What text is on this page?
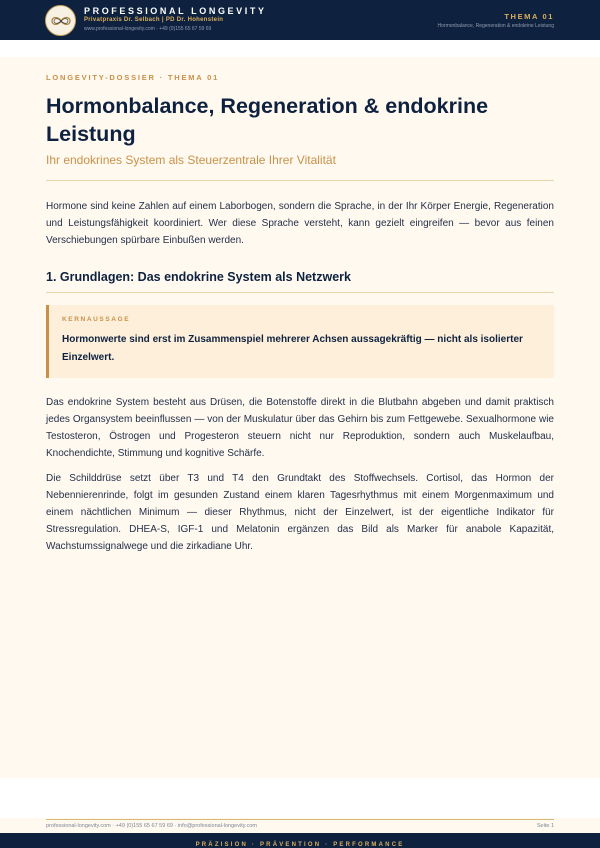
PROFESSIONAL LONGEVITY
Privatpraxis Dr. Selbach | PD Dr. Hohenstein
www.professional-longevity.com · +49 (0)155 65 67 59 69
THEMA 01
Hormonbalance, Regeneration & endokrine Leistung
LONGEVITY-DOSSIER · THEMA 01
Hormonbalance, Regeneration & endokrine Leistung
Ihr endokrines System als Steuerzentrale Ihrer Vitalität

Hormone sind keine Zahlen auf einem Laborbogen, sondern die Sprache, in der Ihr Körper Energie, Regeneration und Leistungsfähigkeit koordiniert. Wer diese Sprache versteht, kann gezielt eingreifen — bevor aus feinen Verschiebungen spürbare Einbußen werden.

1. Grundlagen: Das endokrine System als Netzwerk
KERNAUSSAGE
Hormonwerte sind erst im Zusammenspiel mehrerer Achsen aussagekräftig — nicht als isolierter Einzelwert.

Das endokrine System besteht aus Drüsen, die Botenstoffe direkt in die Blutbahn abgeben und damit praktisch jedes Organsystem beeinflussen — von der Muskulatur über das Gehirn bis zum Fettgewebe. Sexualhormone wie Testosteron, Östrogen und Progesteron steuern nicht nur Reproduktion, sondern auch Muskelaufbau, Knochendichte, Stimmung und kognitive Schärfe.

Die Schilddrüse setzt über T3 und T4 den Grundtakt des Stoffwechsels. Cortisol, das Hormon der Nebennierenrinde, folgt im gesunden Zustand einem klaren Tagesrhythmus mit einem Morgenmaximum und einem nächtlichen Minimum — dieser Rhythmus, nicht der Einzelwert, ist der eigentliche Indikator für Stressregulation. DHEA-S, IGF-1 und Melatonin ergänzen das Bild als Marker für anabole Kapazität, Wachstumssignalwege und die zirkadiane Uhr.

professional-longevity.com · +49 (0)155 65 67 59 69 · info@professional-longevity.com	Seite 1
PRÄZISION · PRÄVENTION · PERFORMANCE
